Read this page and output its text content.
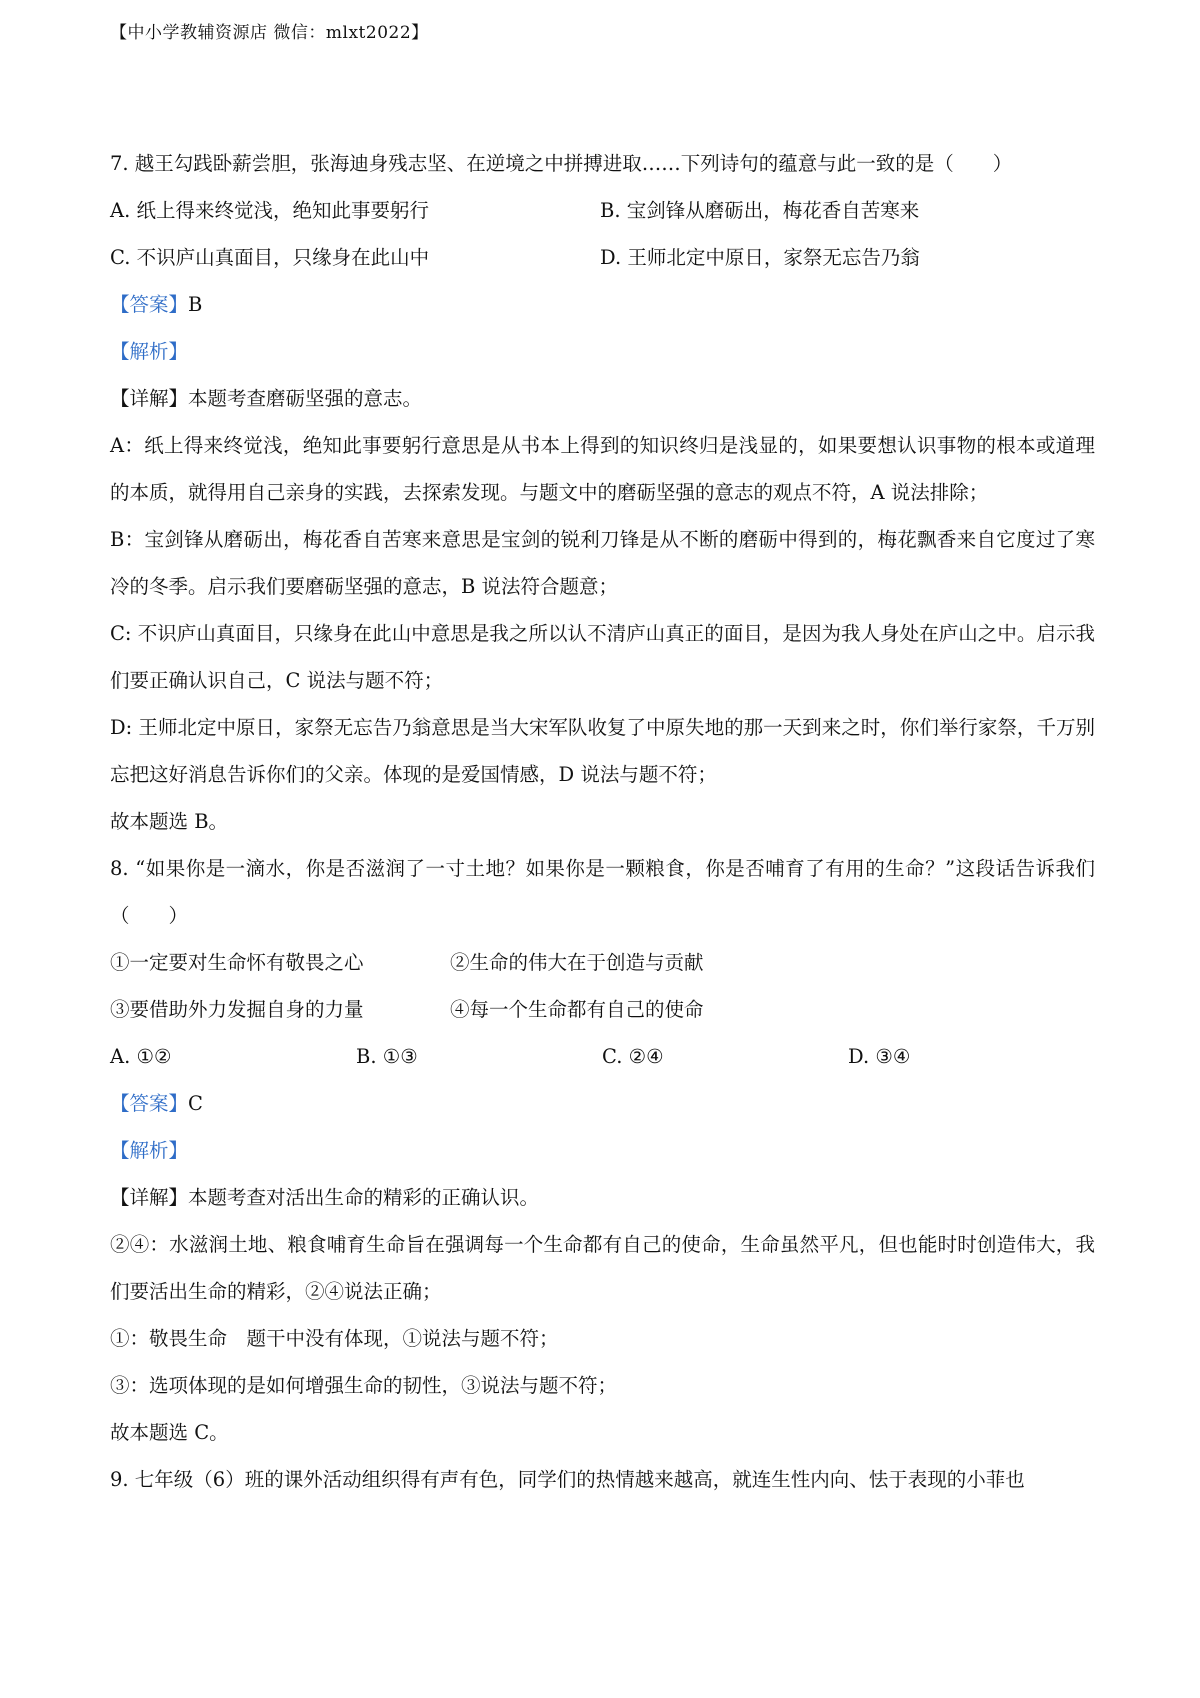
【中小学教辅资源店 微信：mlxt2022】
7. 越王勾践卧薪尝胆，张海迪身残志坚、在逆境之中拼搏进取……下列诗句的蕴意与此一致的是（　　）
A. 纸上得来终觉浅，绝知此事要躬行	B. 宝剑锋从磨砺出，梅花香自苦寒来
C. 不识庐山真面目，只缘身在此山中	D. 王师北定中原日，家祭无忘告乃翁
【答案】B
【解析】
【详解】本题考查磨砺坚强的意志。
A：纸上得来终觉浅，绝知此事要躬行意思是从书本上得到的知识终归是浅显的，如果要想认识事物的根本或道理的本质，就得用自己亲身的实践，去探索发现。与题文中的磨砺坚强的意志的观点不符，A 说法排除；
B：宝剑锋从磨砺出，梅花香自苦寒来意思是宝剑的锐利刀锋是从不断的磨砺中得到的，梅花飘香来自它度过了寒冷的冬季。启示我们要磨砺坚强的意志，B 说法符合题意；
C: 不识庐山真面目，只缘身在此山中意思是我之所以认不清庐山真正的面目，是因为我人身处在庐山之中。启示我们要正确认识自己，C 说法与题不符；
D: 王师北定中原日，家祭无忘告乃翁意思是当大宋军队收复了中原失地的那一天到来之时，你们举行家祭，千万别忘把这好消息告诉你们的父亲。体现的是爱国情感，D 说法与题不符；
故本题选 B。
8. “如果你是一滴水，你是否滋润了一寸土地？如果你是一颗粮食，你是否哺育了有用的生命？”这段话告诉我们（　　）
①一定要对生命怀有敬畏之心	②生命的伟大在于创造与贡献
③要借助外力发掘自身的力量	④每一个生命都有自己的使命
A. ①②	B. ①③	C. ②④	D. ③④
【答案】C
【解析】
【详解】本题考查对活出生命的精彩的正确认识。
②④：水滋润土地、粮食哺育生命旨在强调每一个生命都有自己的使命，生命虽然平凡，但也能时时创造伟大，我们要活出生命的精彩，②④说法正确；
①：敬畏生命　题干中没有体现，①说法与题不符；
③：选项体现的是如何增强生命的韧性，③说法与题不符；
故本题选 C。
9. 七年级（6）班的课外活动组织得有声有色，同学们的热情越来越高，就连生性内向、怯于表现的小菲也
